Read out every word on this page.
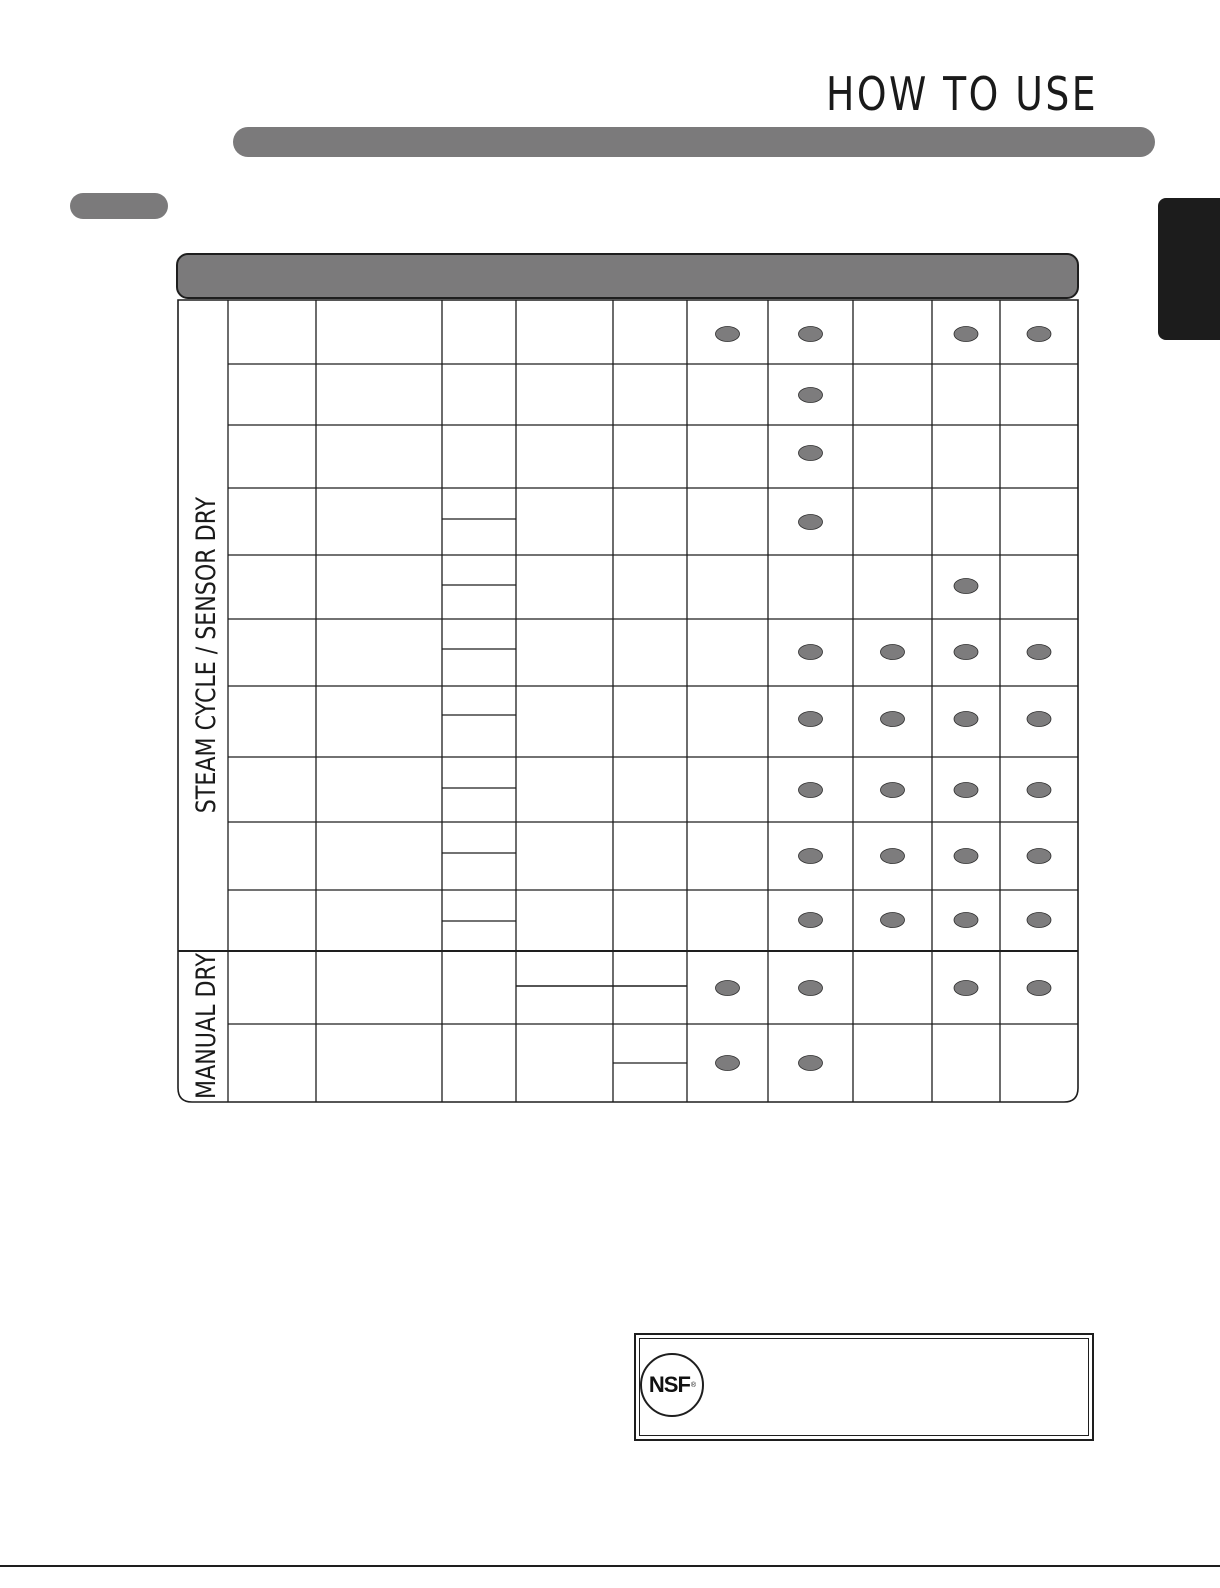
HOW TO USE
STEAM CYCLE / SENSOR DRY
MANUAL DRY
NSF ®
